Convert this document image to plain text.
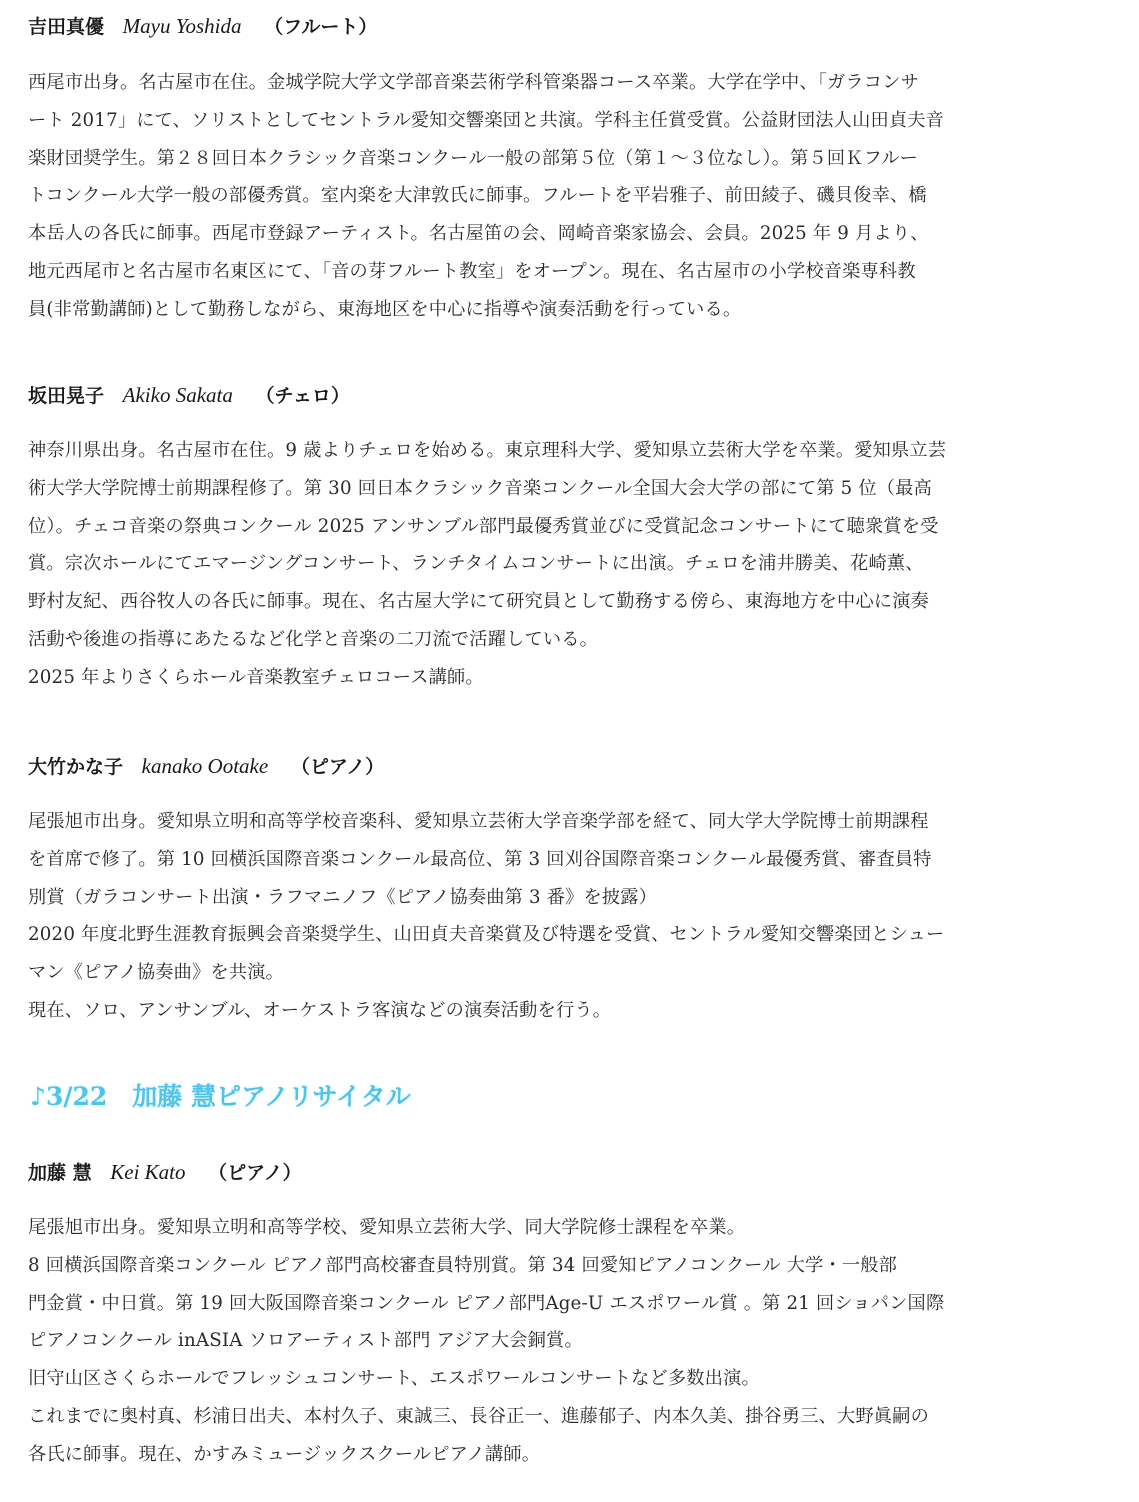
吉田真優 Mayu Yoshida （フルート）
西尾市出身。名古屋市在住。金城学院大学文学部音楽芸術学科管楽器コース卒業。大学在学中、「ガラコンサ
ート 2017」にて、ソリストとしてセントラル愛知交響楽団と共演。学科主任賞受賞。公益財団法人山田貞夫音
楽財団奨学生。第２８回日本クラシック音楽コンクール一般の部第５位（第１～３位なし）。第５回Ｋフルー
トコンクール大学一般の部優秀賞。室内楽を大津敦氏に師事。フルートを平岩雅子、前田綾子、磯貝俊幸、橋
本岳人の各氏に師事。西尾市登録アーティスト。名古屋笛の会、岡崎音楽家協会、会員。2025 年 9 月より、
地元西尾市と名古屋市名東区にて、「音の芽フルート教室」をオープン。現在、名古屋市の小学校音楽専科教
員(非常勤講師)として勤務しながら、東海地区を中心に指導や演奏活動を行っている。
坂田晃子 Akiko Sakata （チェロ）
神奈川県出身。名古屋市在住。9 歳よりチェロを始める。東京理科大学、愛知県立芸術大学を卒業。愛知県立芸
術大学大学院博士前期課程修了。第 30 回日本クラシック音楽コンクール全国大会大学の部にて第 5 位（最高
位）。チェコ音楽の祭典コンクール 2025 アンサンブル部門最優秀賞並びに受賞記念コンサートにて聴衆賞を受
賞。宗次ホールにてエマージングコンサート、ランチタイムコンサートに出演。チェロを浦井勝美、花崎薫、
野村友紀、西谷牧人の各氏に師事。現在、名古屋大学にて研究員として勤務する傍ら、東海地方を中心に演奏
活動や後進の指導にあたるなど化学と音楽の二刀流で活躍している。
2025 年よりさくらホール音楽教室チェロコース講師。
大竹かな子 kanako Ootake （ピアノ）
尾張旭市出身。愛知県立明和高等学校音楽科、愛知県立芸術大学音楽学部を経て、同大学大学院博士前期課程
を首席で修了。第 10 回横浜国際音楽コンクール最高位、第 3 回刈谷国際音楽コンクール最優秀賞、審査員特
別賞（ガラコンサート出演・ラフマニノフ《ピアノ協奏曲第 3 番》を披露）
2020 年度北野生涯教育振興会音楽奨学生、山田貞夫音楽賞及び特選を受賞、セントラル愛知交響楽団とシュー
マン《ピアノ協奏曲》を共演。
現在、ソロ、アンサンブル、オーケストラ客演などの演奏活動を行う。
♪3/22　加藤 慧ピアノリサイタル
加藤 慧 Kei Kato （ピアノ）
尾張旭市出身。愛知県立明和高等学校、愛知県立芸術大学、同大学院修士課程を卒業。
8 回横浜国際音楽コンクール ピアノ部門高校審査員特別賞。第 34 回愛知ピアノコンクール 大学・一般部
門金賞・中日賞。第 19 回大阪国際音楽コンクール ピアノ部門Age-U エスポワール賞 。第 21 回ショパン国際
ピアノコンクール inASIA ソロアーティスト部門 アジア大会銅賞。
旧守山区さくらホールでフレッシュコンサート、エスポワールコンサートなど多数出演。
これまでに奥村真、杉浦日出夫、本村久子、東誠三、長谷正一、進藤郁子、内本久美、掛谷勇三、大野眞嗣の
各氏に師事。現在、かすみミュージックスクールピアノ講師。
